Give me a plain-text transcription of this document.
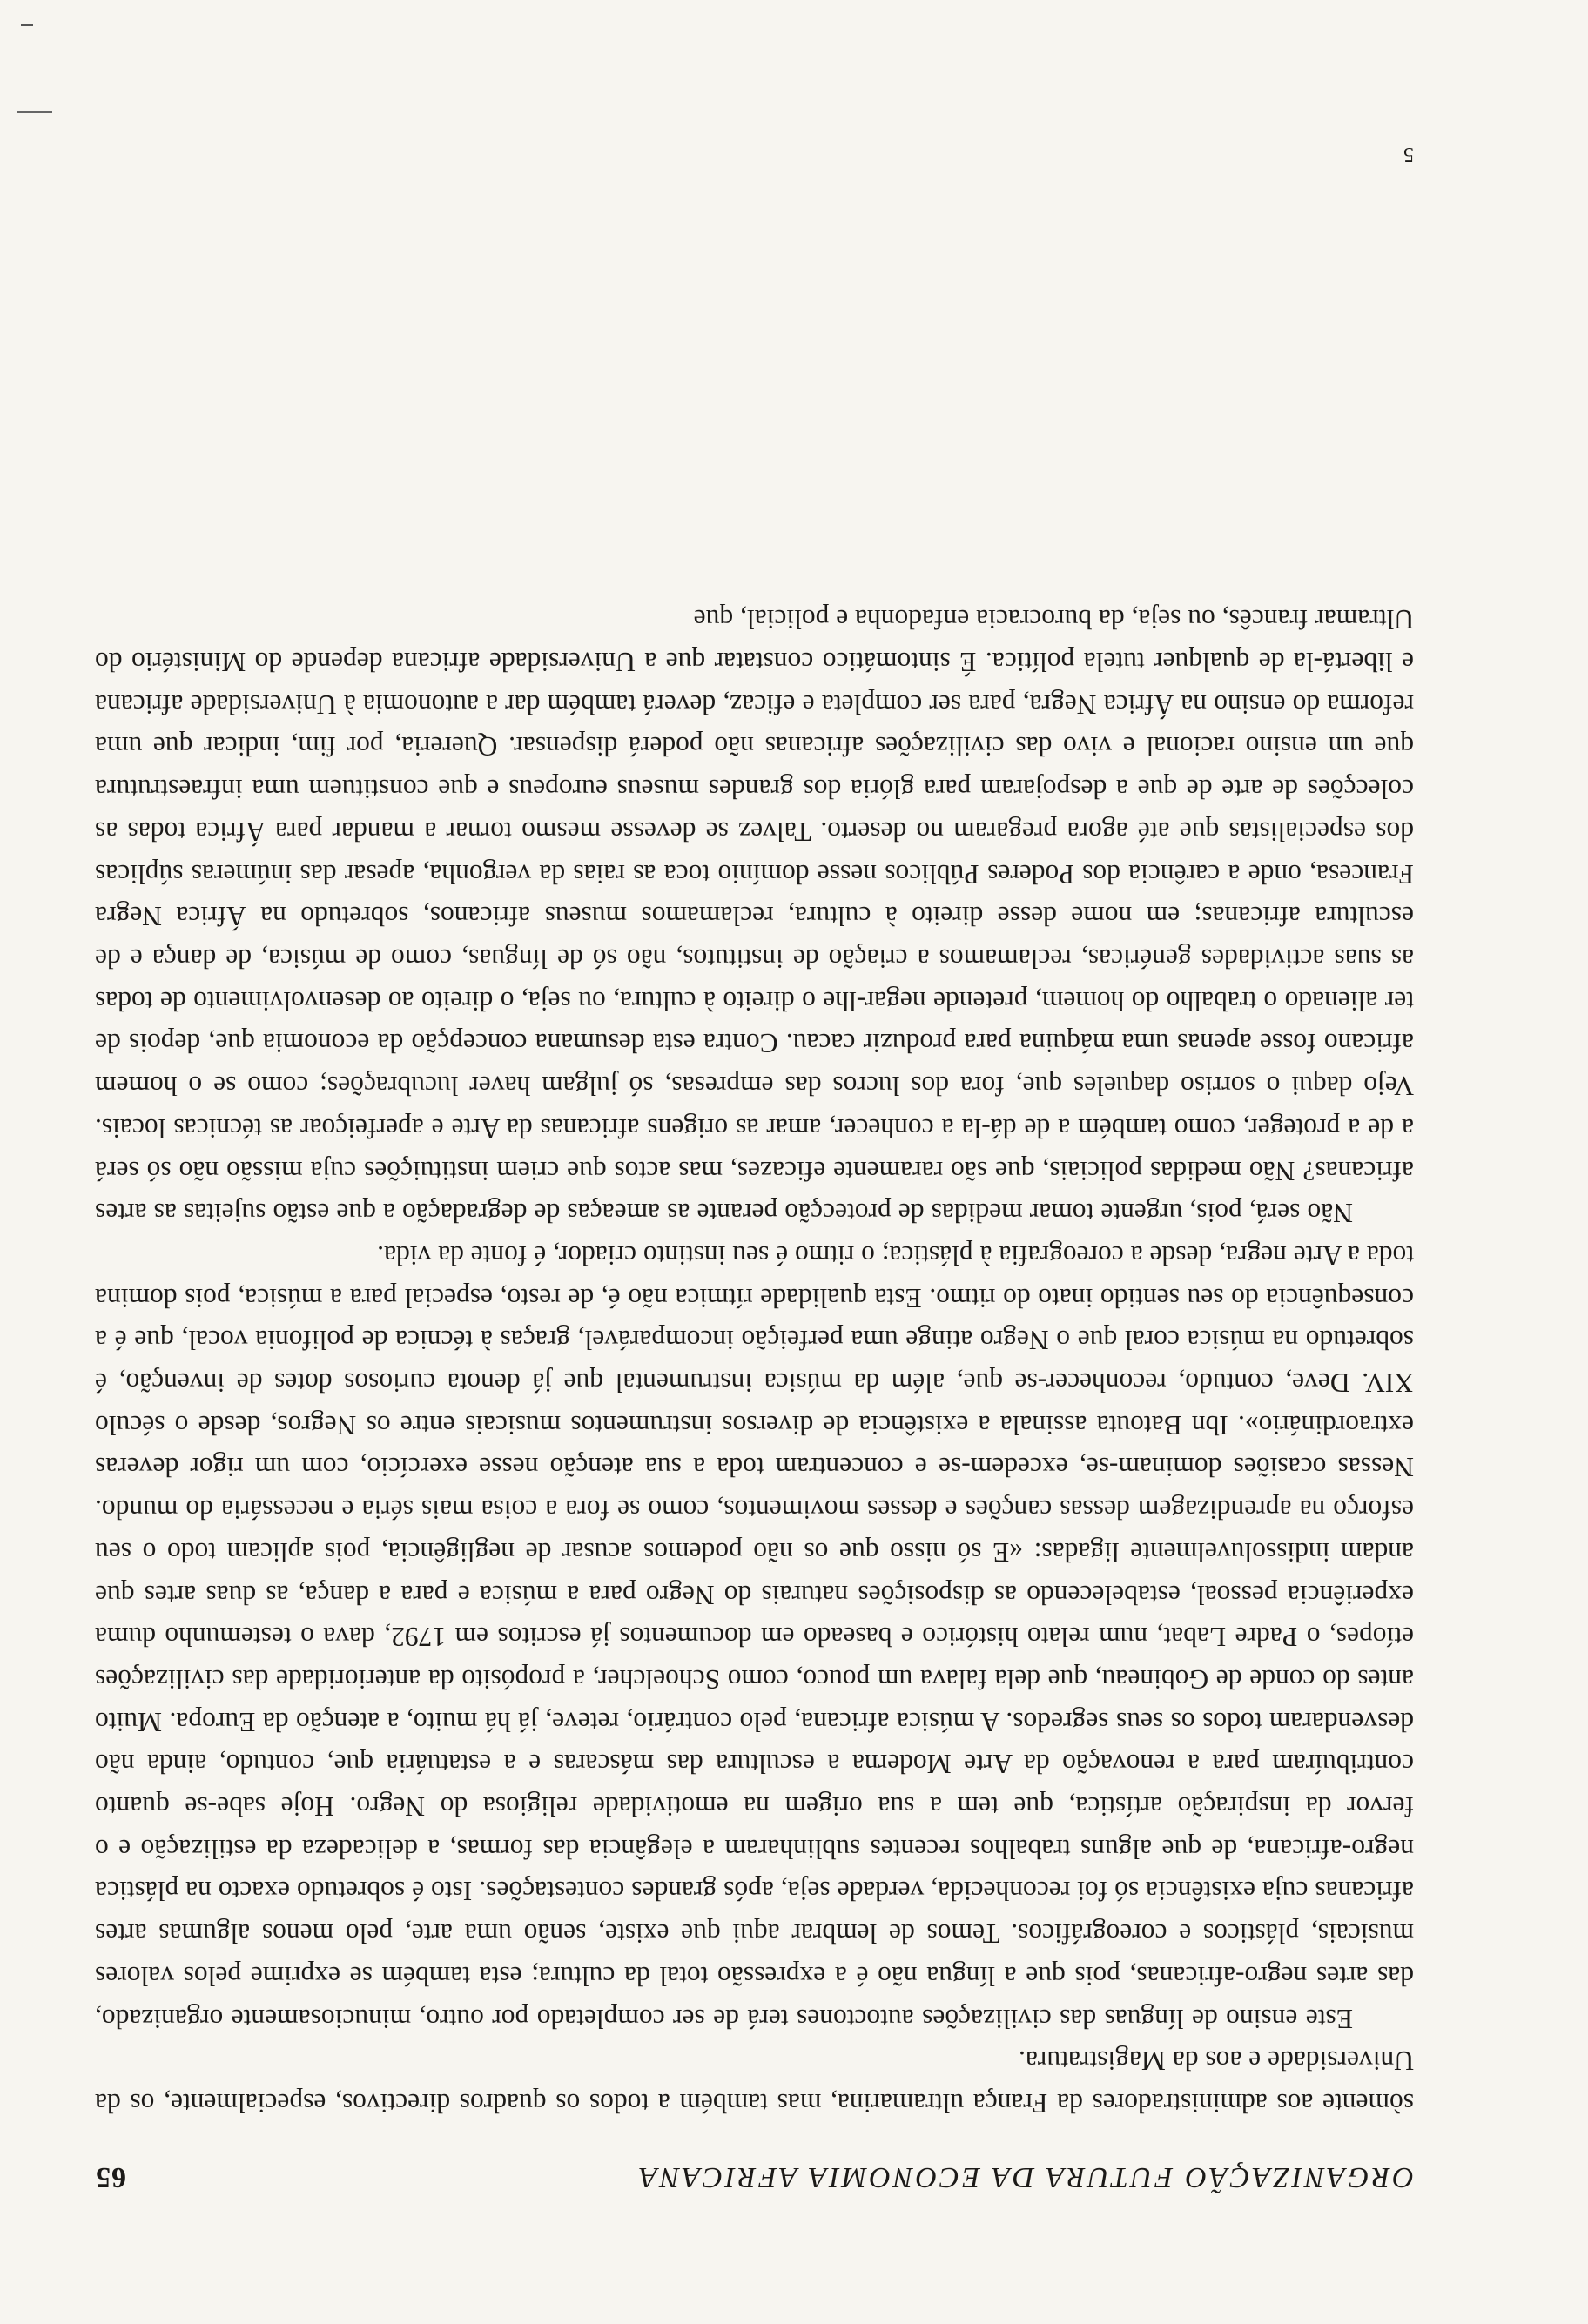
ORGANIZAÇÃO FUTURA DA ECONOMIA AFRICANA
65

sòmente aos administradores da França ultramarina, mas também a todos os quadros directivos, especialmente, os da Universidade e aos da Magistratura.

Este ensino de línguas das civilizações autoctones terá de ser completado por outro, minuciosamente organizado, das artes negro-africanas, pois que a língua não é a expressão total da cultura; esta também se exprime pelos valores musicais, plásticos e coreográficos. Temos de lembrar aqui que existe, senão uma arte, pelo menos algumas artes africanas cuja existência só foi reconhecida, verdade seja, após grandes contestações. Isto é sobretudo exacto na plástica negro-africana, de que alguns trabalhos recentes sublinharam a elegância das formas, a delicadeza da estilização e o fervor da inspiração artística, que tem a sua origem na emotividade religiosa do Negro. Hoje sabe-se quanto contribuíram para a renovação da Arte Moderna a escultura das máscaras e a estatuária que, contudo, ainda não desvendaram todos os seus segredos. A música africana, pelo contrário, reteve, já há muito, a atenção da Europa. Muito antes do conde de Gobineau, que dela falava um pouco, como Schoelcher, a propósito da anterioridade das civilizações etíopes, o Padre Labat, num relato histórico e baseado em documentos já escritos em 1792, dava o testemunho duma experiência pessoal, estabelecendo as disposições naturais do Negro para a música e para a dança, as duas artes que andam indissoluvelmente ligadas: «E só nisso que os não podemos acusar de negligência, pois aplicam todo o seu esforço na aprendizagem dessas canções e desses movimentos, como se fora a coisa mais séria e necessária do mundo. Nessas ocasiões dominam-se, excedem-se e concentram toda a sua atenção nesse exercício, com um rigor deveras extraordinário». Ibn Batouta assinala a existência de diversos instrumentos musicais entre os Negros, desde o século XIV. Deve, contudo, reconhecer-se que, além da música instrumental que já denota curiosos dotes de invenção, é sobretudo na música coral que o Negro atinge uma perfeição incomparável, graças à técnica de polifonia vocal, que é a consequência do seu sentido inato do ritmo. Esta qualidade rítmica não é, de resto, especial para a música, pois domina toda a Arte negra, desde a coreografia à plástica; o ritmo é seu instinto criador, é fonte da vida.

Não será, pois, urgente tomar medidas de protecção perante as ameaças de degradação a que estão sujeitas as artes africanas? Não medidas policiais, que são raramente eficazes, mas actos que criem instituições cuja missão não só será a de a proteger, como também a de dá-la a conhecer, amar as origens africanas da Arte e aperfeiçoar as técnicas locais. Vejo daqui o sorriso daqueles que, fora dos lucros das empresas, só julgam haver lucubrações; como se o homem africano fosse apenas uma máquina para produzir cacau. Contra esta desumana concepção da economia que, depois de ter alienado o trabalho do homem, pretende negar-lhe o direito à cultura, ou seja, o direito ao desenvolvimento de todas as suas actividades genéricas, reclamamos a criação de institutos, não só de línguas, como de música, de dança e de escultura africanas; em nome desse direito à cultura, reclamamos museus africanos, sobretudo na África Negra Francesa, onde a carência dos Poderes Públicos nesse domínio toca as raias da vergonha, apesar das inúmeras súplicas dos especialistas que até agora pregaram no deserto. Talvez se devesse mesmo tornar a mandar para África todas as colecções de arte de que a despojaram para glória dos grandes museus europeus e que constituem uma infraestrutura que um ensino racional e vivo das civilizações africanas não poderá dispensar. Quereria, por fim, indicar que uma reforma do ensino na África Negra, para ser completa e eficaz, deverá também dar a autonomia à Universidade africana e libertá-la de qualquer tutela política. É sintomático constatar que a Universidade africana depende do Ministério do Ultramar francês, ou seja, da burocracia enfadonha e policial, que

5
